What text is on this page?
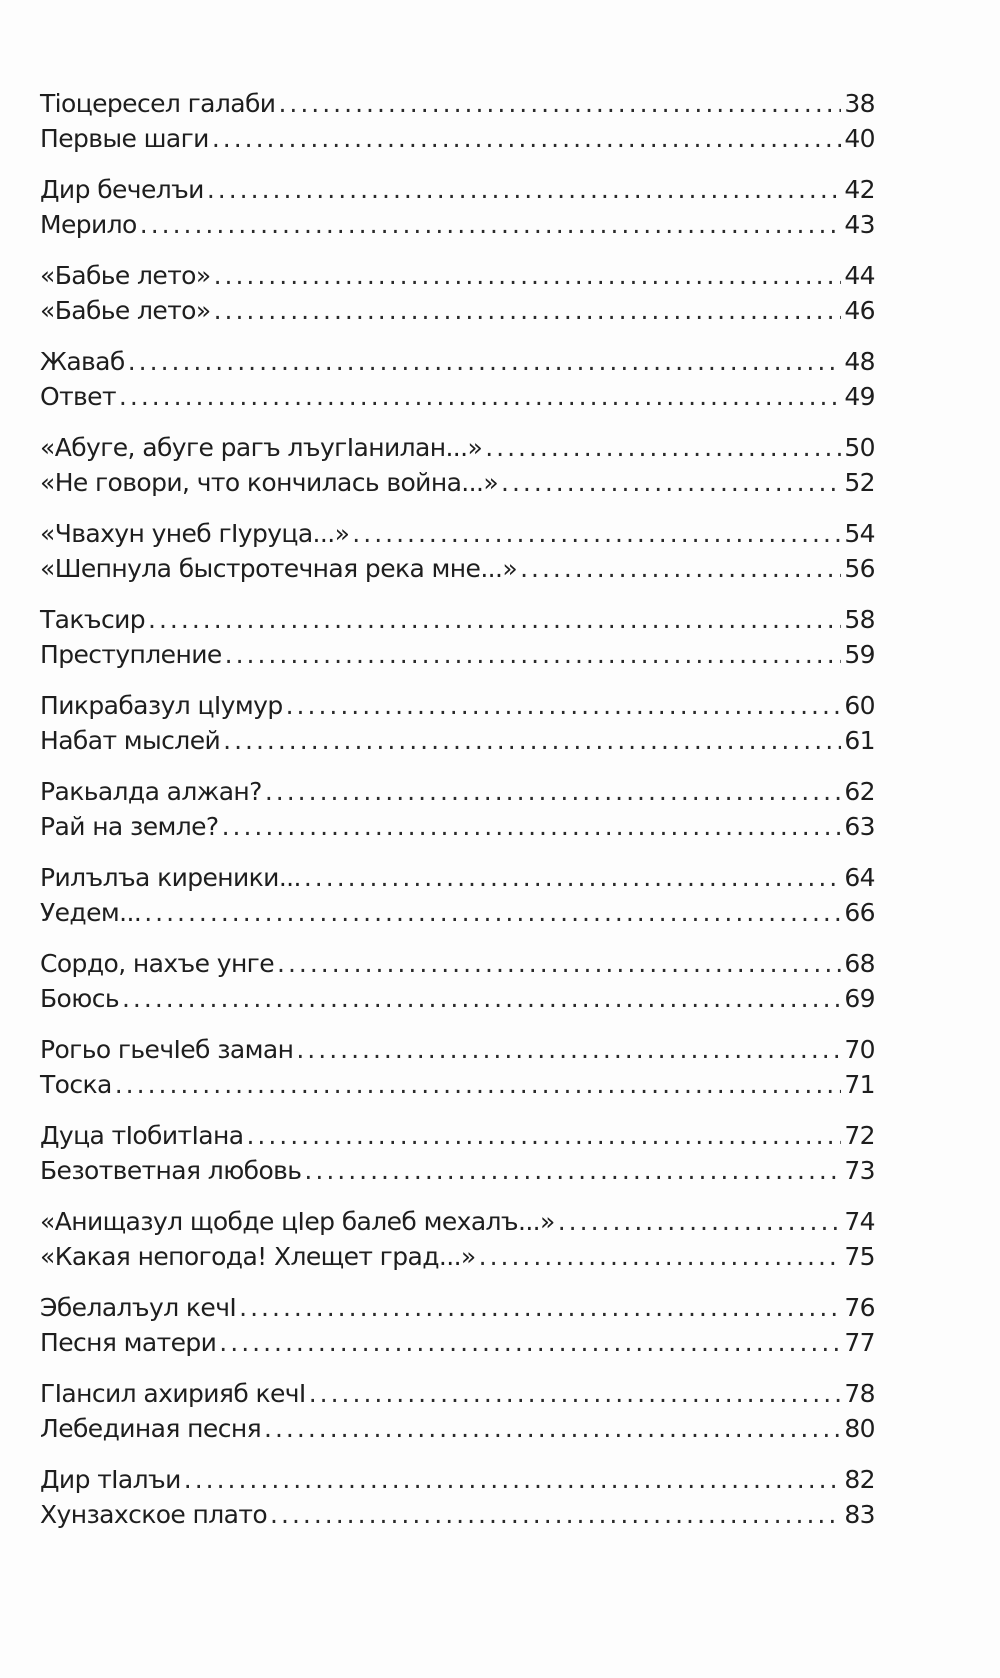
Тіоцересел галаби .....	38
Первые шаги .....	40
Дир бечелъи .....	42
Мерило .....	43
«Бабье лето» .....	44
«Бабье лето» .....	46
Жаваб .....	48
Ответ .....	49
«Абуге, абуге рагъ лъугІанилан...» .....	50
«Не говори, что кончилась война...» .....	52
«Чвахун унеб гІуруца...» .....	54
«Шепнула быстротечная река мне...» .....	56
Такъсир .....	58
Преступление .....	59
Пикрабазул цІумур .....	60
Набат мыслей .....	61
Ракьалда алжан? .....	62
Рай на земле? .....	63
Рилълъа киреники... .....	64
Уедем... .....	66
Сордо, нахъе унге .....	68
Боюсь .....	69
Рогьо гьечІеб заман .....	70
Тоска .....	71
Дуца тІобитІана .....	72
Безответная любовь .....	73
«Анищазул щобде цІер балеб мехалъ...» .....	74
«Какая непогода! Хлещет град...» .....	75
Эбелалъул кечІ .....	76
Песня матери .....	77
ГІансил ахирияб кечІ .....	78
Лебединая песня .....	80
Дир тІалъи .....	82
Хунзахское плато .....	83
